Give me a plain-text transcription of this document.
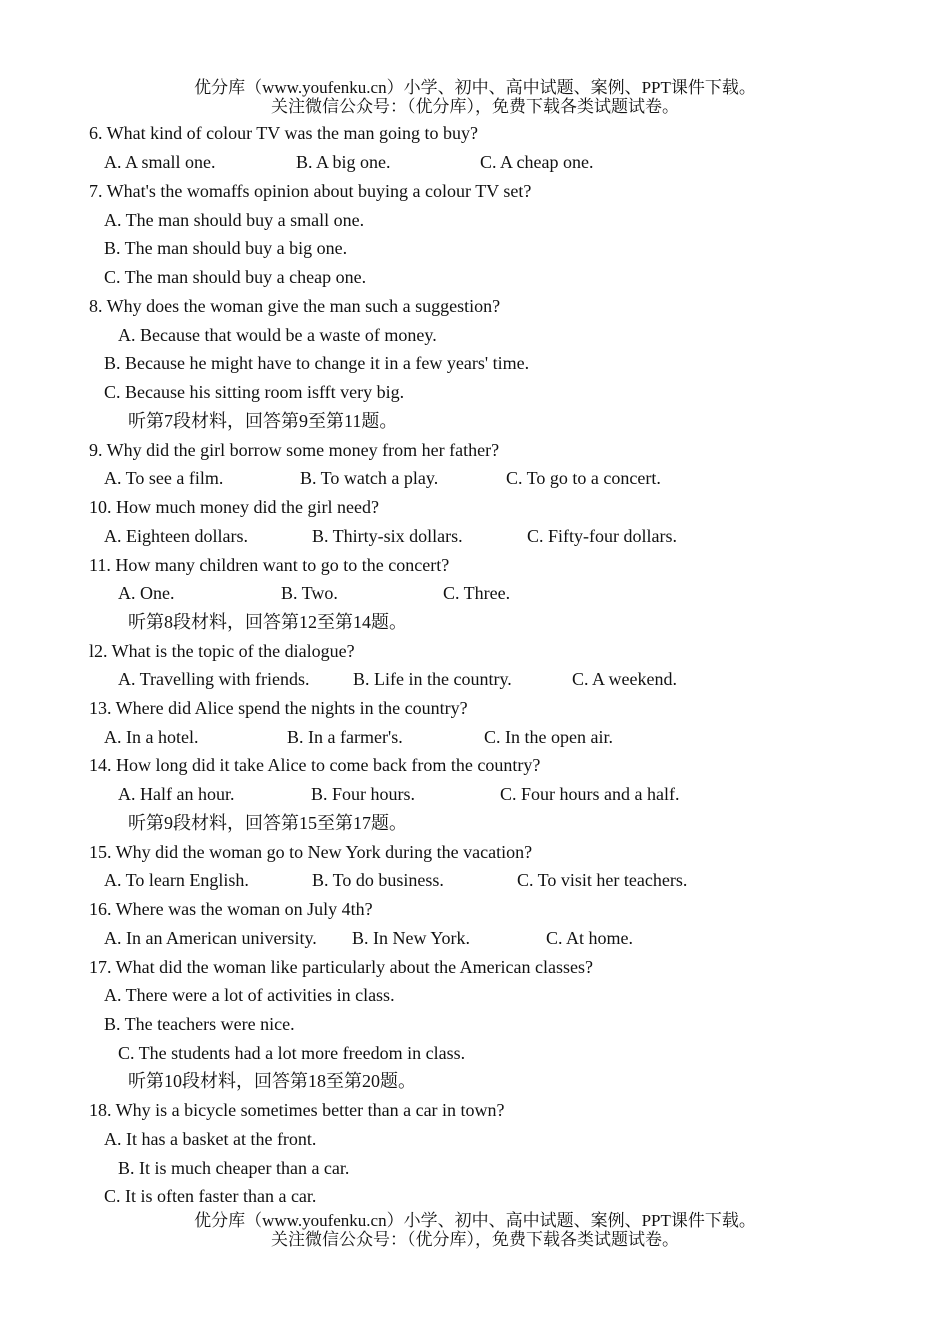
优分库（www.youfenku.cn）小学、初中、高中试题、案例、PPT课件下载。
关注微信公众号：（优分库），免费下载各类试题试卷。
6. What kind of colour TV was the man going to buy?
A. A small one.	B. A big one.	C. A cheap one.
7. What's the womaffs opinion about buying a colour TV set?
A. The man should buy a small one.
B. The man should buy a big one.
C. The man should buy a cheap one.
8. Why does the woman give the man such a suggestion?
A. Because that would be a waste of money.
B. Because he might have to change it in a few years' time.
C. Because his sitting room isfft very big.
听第7段材料，回答第9至第11题。
9. Why did the girl borrow some money from her father?
A. To see a film.	B. To watch a play.	C. To go to a concert.
10. How much money did the girl need?
A. Eighteen dollars.	B. Thirty-six dollars.	C. Fifty-four dollars.
11. How many children want to go to the concert?
A. One.	B. Two.	C. Three.
听第8段材料，回答第12至第14题。
l2. What is the topic of the dialogue?
A. Travelling with friends. B. Life in the country.	C. A weekend.
13. Where did Alice spend the nights in the country?
A. In a hotel.	B. In a farmer's.	C. In the open air.
14. How long did it take Alice to come back from the country?
A. Half an hour.	B. Four hours.	C. Four hours and a half.
听第9段材料，回答第15至第17题。
15. Why did the woman go to New York during the vacation?
A. To learn English.	B. To do business.	C. To visit her teachers.
16. Where was the woman on July 4th?
A. In an American university. B. In New York.	C. At home.
17. What did the woman like particularly about the American classes?
A. There were a lot of activities in class.
B. The teachers were nice.
C. The students had a lot more freedom in class.
听第10段材料，回答第18至第20题。
18. Why is a bicycle sometimes better than a car in town?
A. It has a basket at the front.
B. It is much cheaper than a car.
C. It is often faster than a car.
优分库（www.youfenku.cn）小学、初中、高中试题、案例、PPT课件下载。
关注微信公众号：（优分库），免费下载各类试题试卷。
